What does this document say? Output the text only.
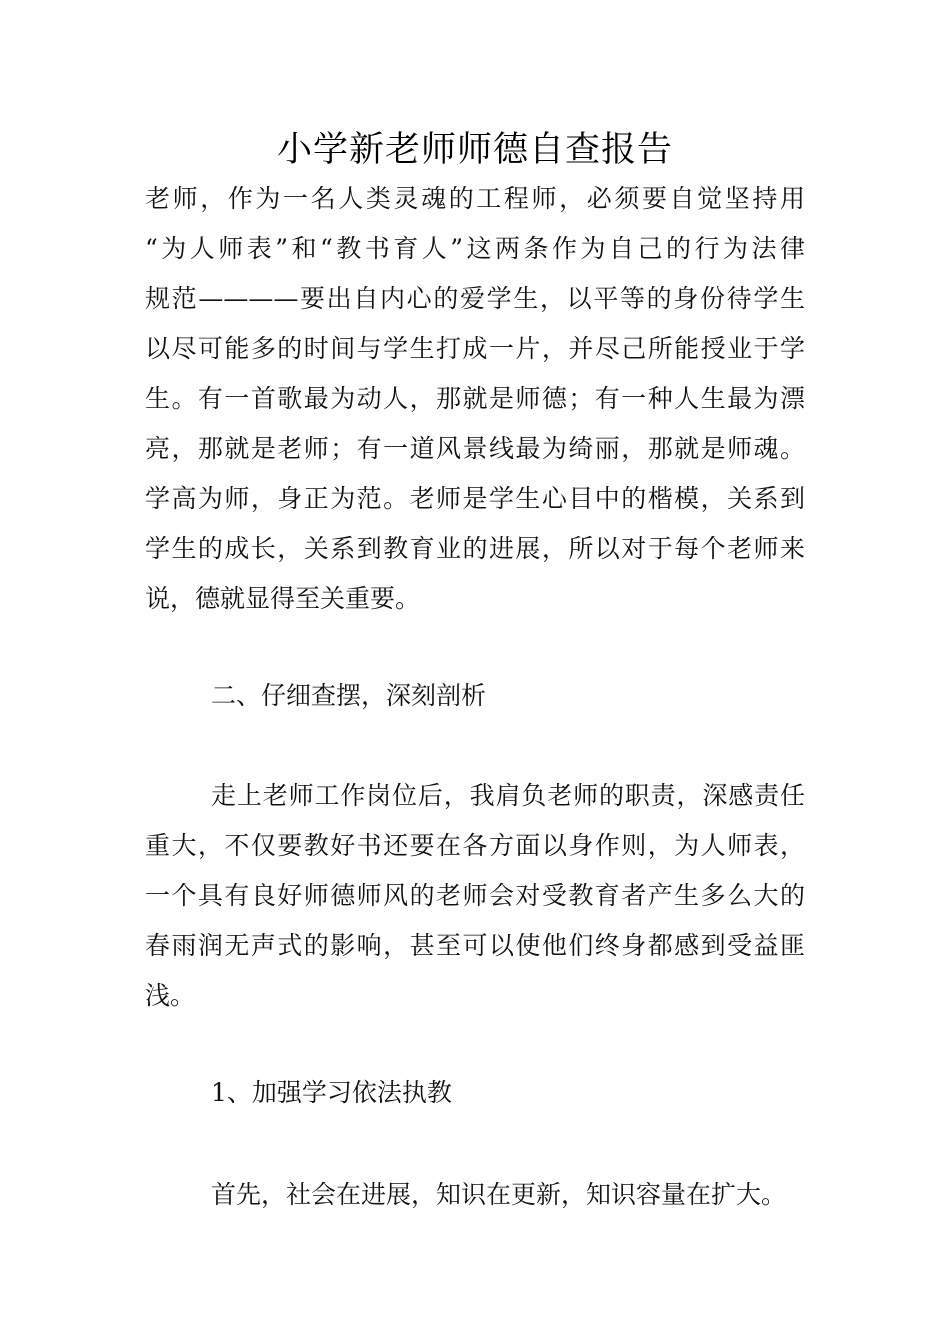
小学新老师师德自查报告
老师，作为一名人类灵魂的工程师，必须要自觉坚持用
“为人师表”和“教书育人”这两条作为自己的行为法律
规范————要出自内心的爱学生，以平等的身份待学生
以尽可能多的时间与学生打成一片，并尽己所能授业于学
生。有一首歌最为动人，那就是师德；有一种人生最为漂
亮，那就是老师；有一道风景线最为绮丽，那就是师魂。
学高为师，身正为范。老师是学生心目中的楷模，关系到
学生的成长，关系到教育业的进展，所以对于每个老师来
说，德就显得至关重要。
二、仔细查摆，深刻剖析
走上老师工作岗位后，我肩负老师的职责，深感责任
重大，不仅要教好书还要在各方面以身作则，为人师表，
一个具有良好师德师风的老师会对受教育者产生多么大的
春雨润无声式的影响，甚至可以使他们终身都感到受益匪
浅。
1、加强学习依法执教
首先，社会在进展，知识在更新，知识容量在扩大。
